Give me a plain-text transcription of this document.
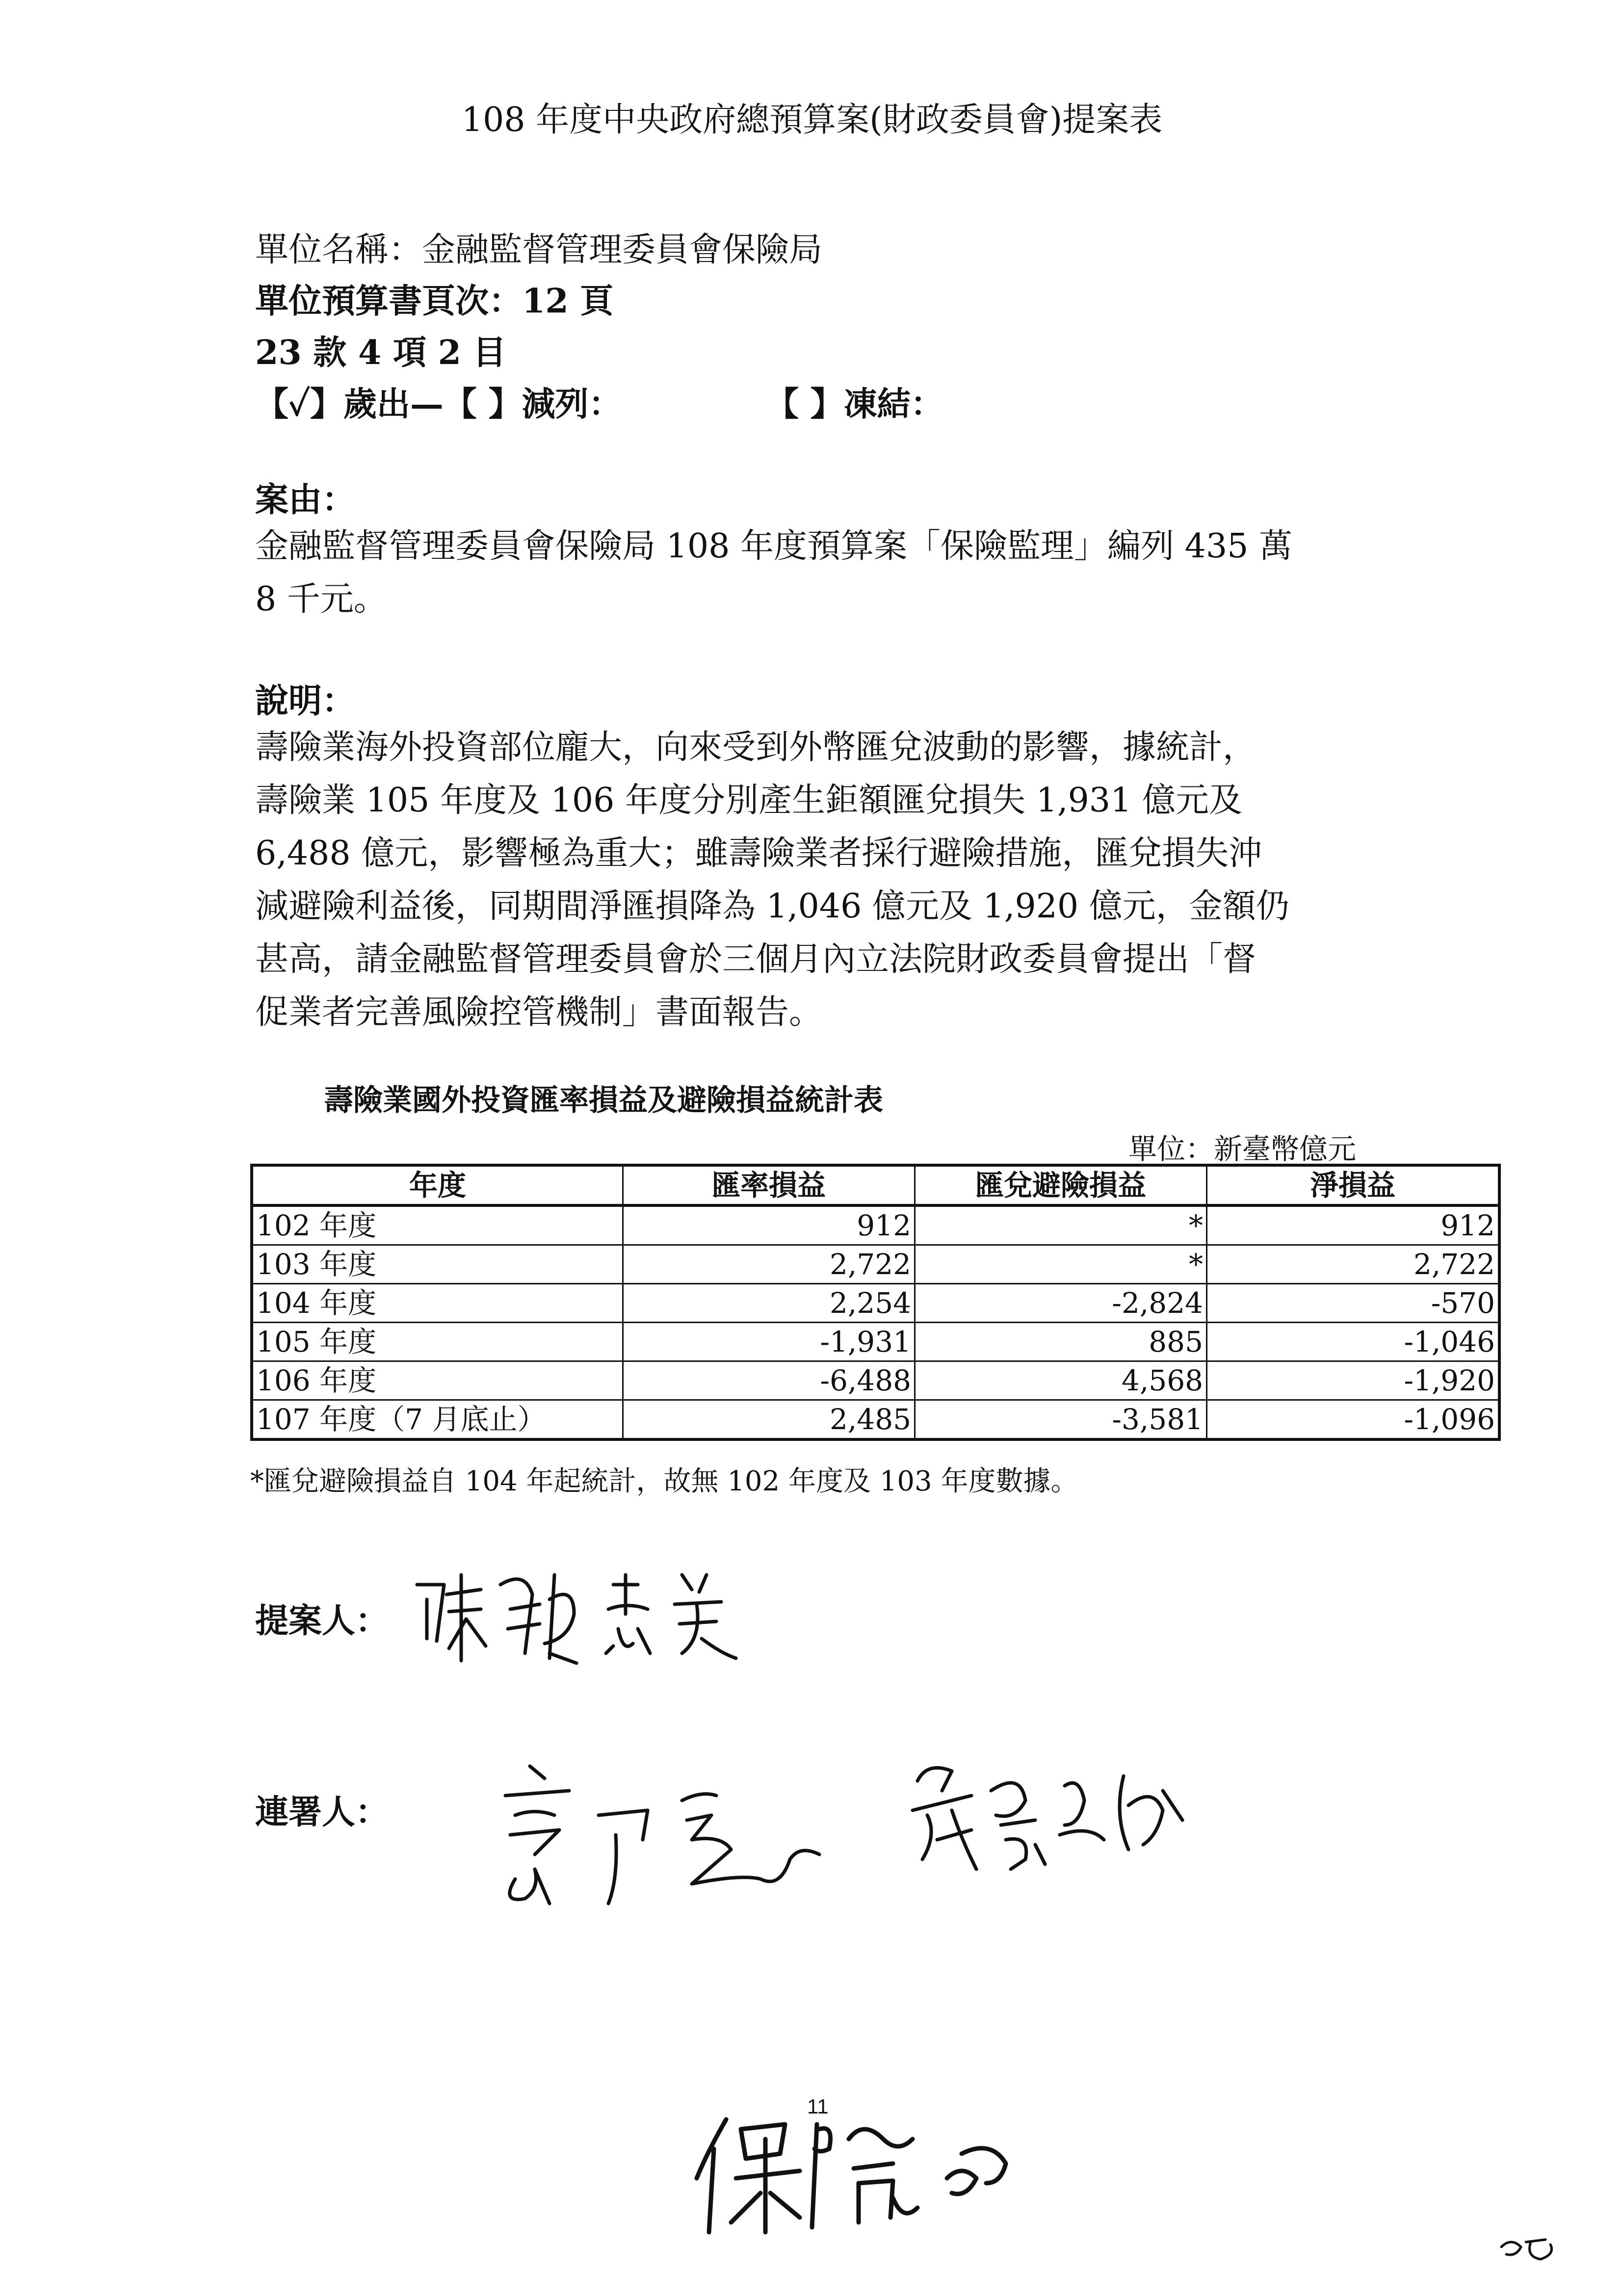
108 年度中央政府總預算案(財政委員會)提案表
單位名稱：金融監督管理委員會保險局
單位預算書頁次：12 頁
23 款 4 項 2 目
【✓】歲出—【 】減列：	【 】凍結：
案由：
金融監督管理委員會保險局 108 年度預算案「保險監理」編列 435 萬
8 千元。
說明：
壽險業海外投資部位龐大，向來受到外幣匯兌波動的影響，據統計，
壽險業 105 年度及 106 年度分別產生鉅額匯兌損失 1,931 億元及
6,488 億元，影響極為重大；雖壽險業者採行避險措施，匯兌損失沖
減避險利益後，同期間淨匯損降為 1,046 億元及 1,920 億元，金額仍
甚高，請金融監督管理委員會於三個月內立法院財政委員會提出「督
促業者完善風險控管機制」書面報告。
壽險業國外投資匯率損益及避險損益統計表
單位：新臺幣億元
年度	匯率損益	匯兌避險損益	淨損益
102 年度	912	*	912
103 年度	2,722	*	2,722
104 年度	2,254	-2,824	-570
105 年度	-1,931	885	-1,046
106 年度	-6,488	4,568	-1,920
107 年度（7 月底止）	2,485	-3,581	-1,096
*匯兌避險損益自 104 年起統計，故無 102 年度及 103 年度數據。
提案人：
連署人：
11
